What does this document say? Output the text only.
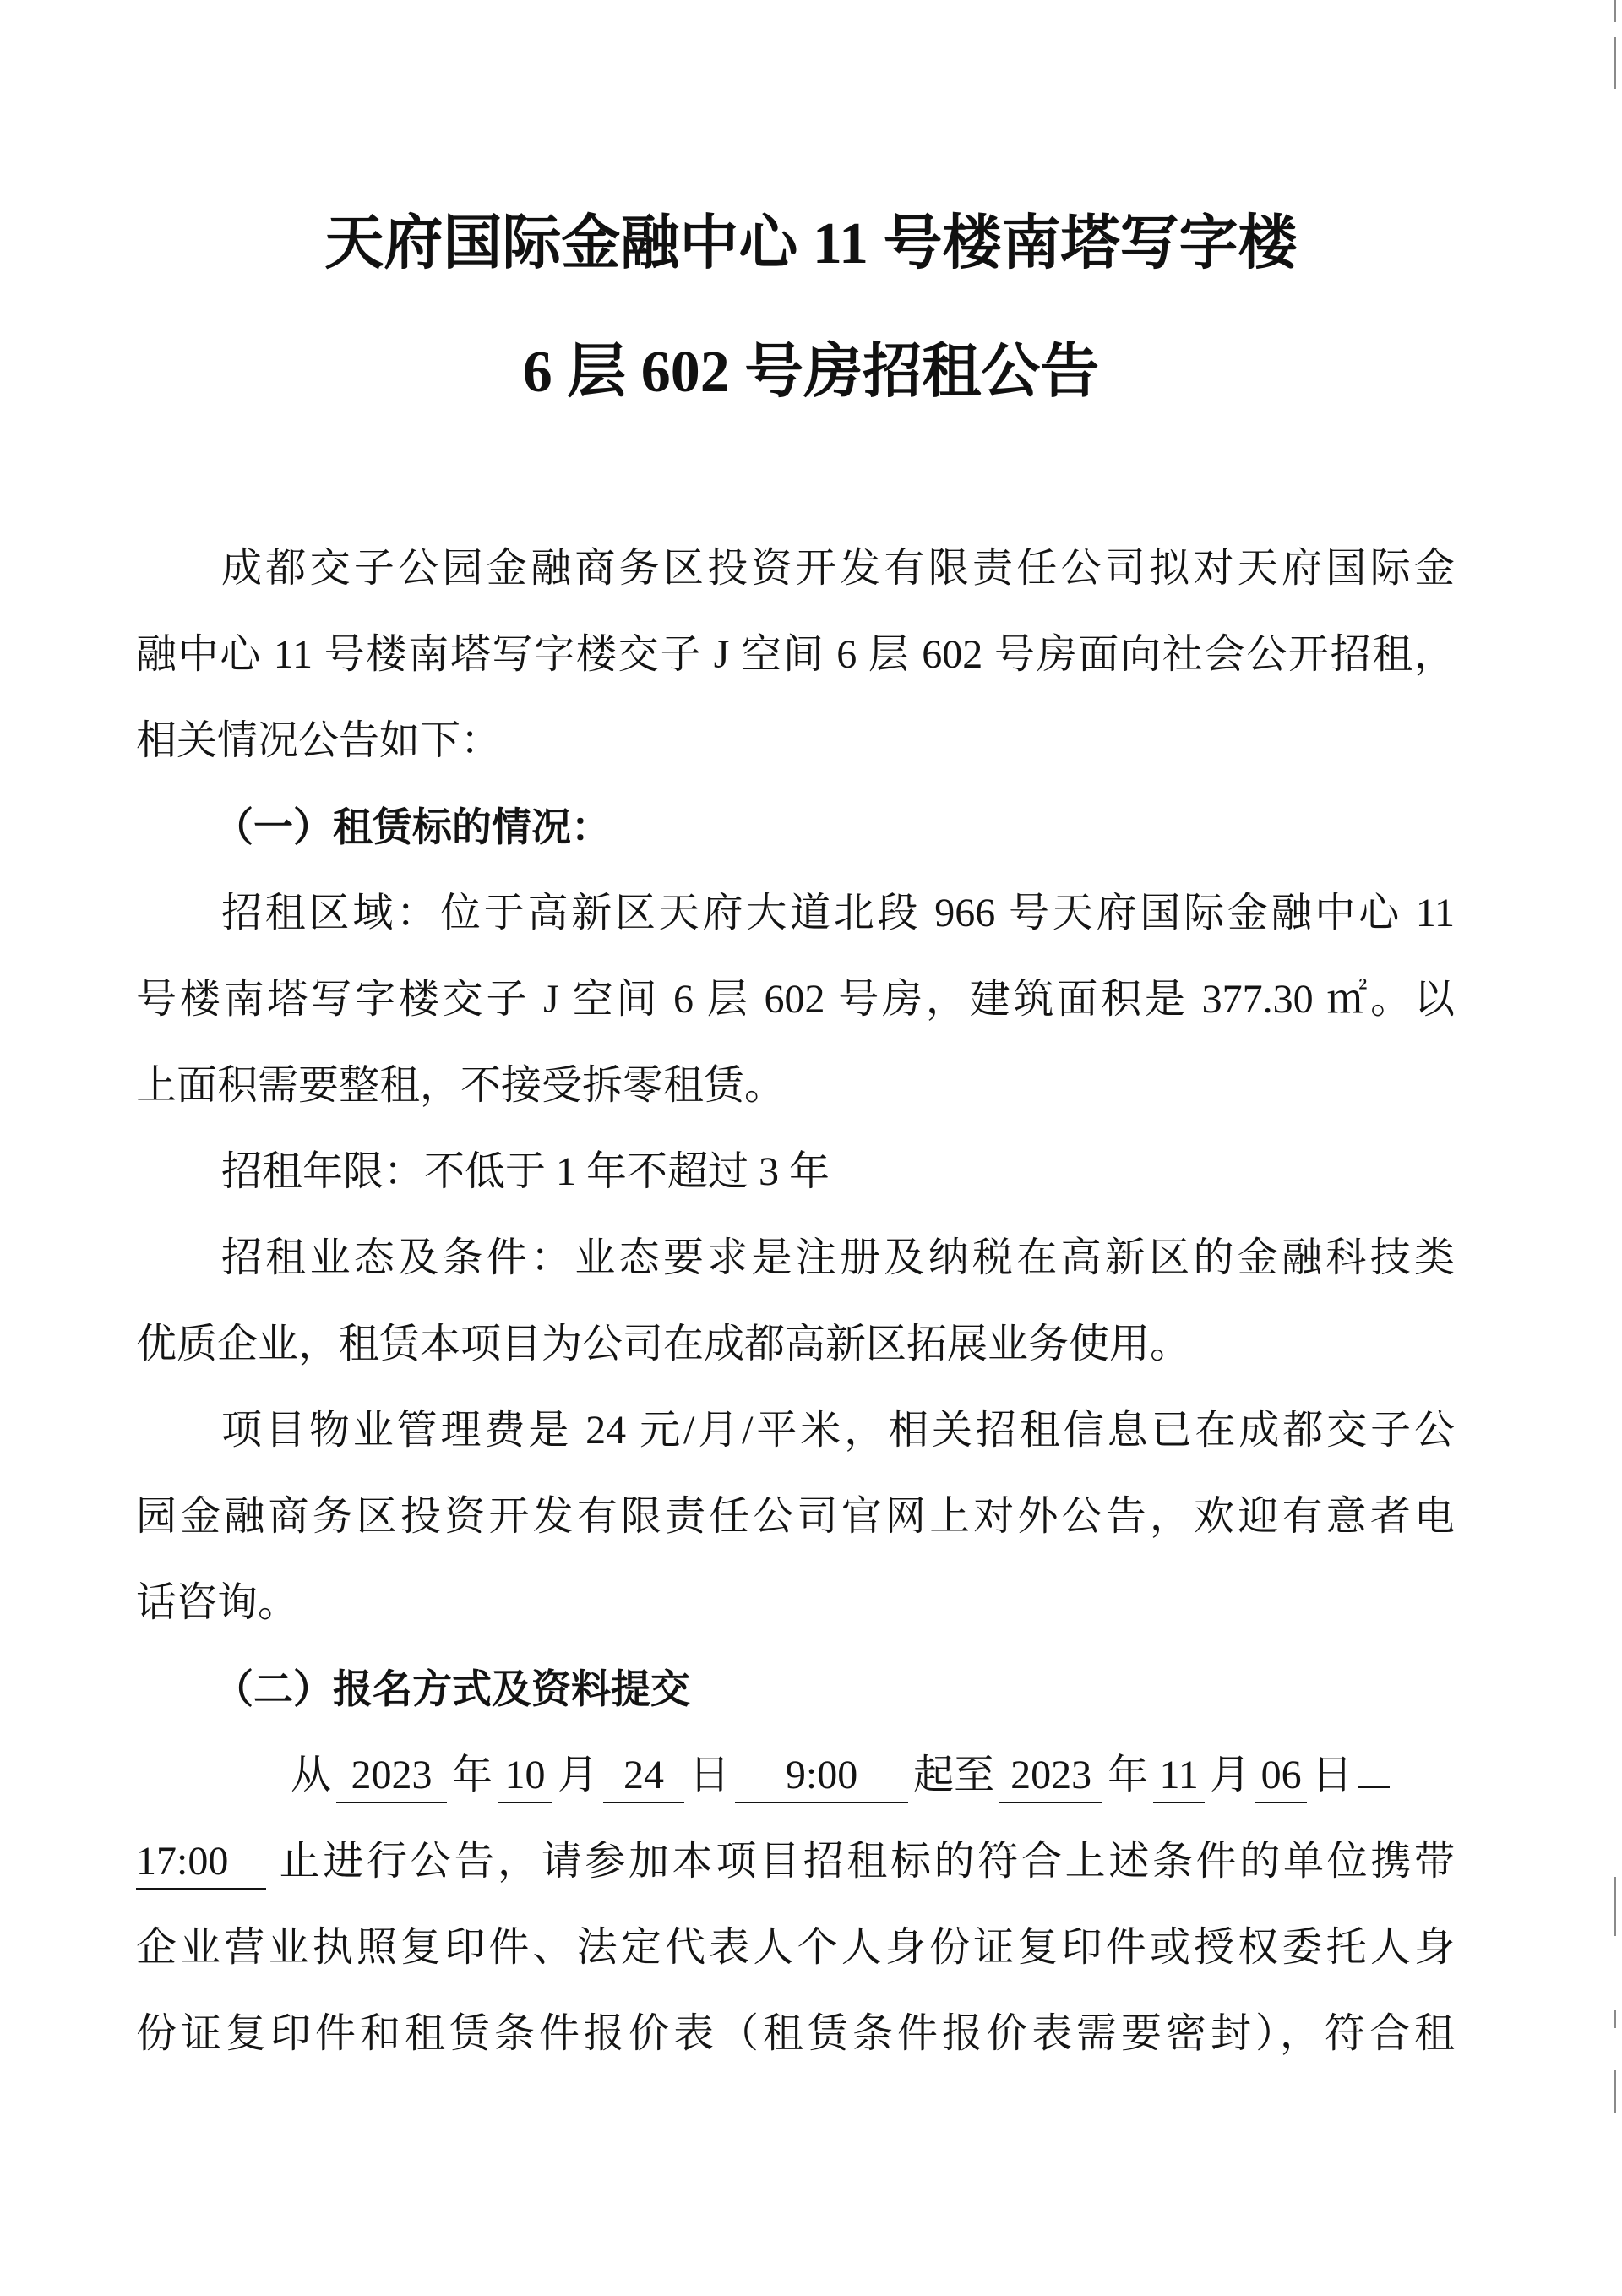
天府国际金融中心 11 号楼南塔写字楼
6 层 602 号房招租公告
成都交子公园金融商务区投资开发有限责任公司拟对天府国际金
融中心 11 号楼南塔写字楼交子 J 空间 6 层 602 号房面向社会公开招租，
相关情况公告如下：
（一）租赁标的情况：
招租区域：位于高新区天府大道北段 966 号天府国际金融中心 11
号楼南塔写字楼交子 J 空间 6 层 602 号房，建筑面积是 377.30 ㎡。以
上面积需要整租，不接受拆零租赁。
招租年限：不低于 1 年不超过 3 年
招租业态及条件：业态要求是注册及纳税在高新区的金融科技类
优质企业，租赁本项目为公司在成都高新区拓展业务使用。
项目物业管理费是 24 元/月/平米，相关招租信息已在成都交子公
园金融商务区投资开发有限责任公司官网上对外公告，欢迎有意者电
话咨询。
（二）报名方式及资料提交
从 2023 年 10 月 24 日 9:00 起至 2023 年 11 月 06 日
17:00 止进行公告，请参加本项目招租标的符合上述条件的单位携带
企业营业执照复印件、法定代表人个人身份证复印件或授权委托人身
份证复印件和租赁条件报价表（租赁条件报价表需要密封），符合租
